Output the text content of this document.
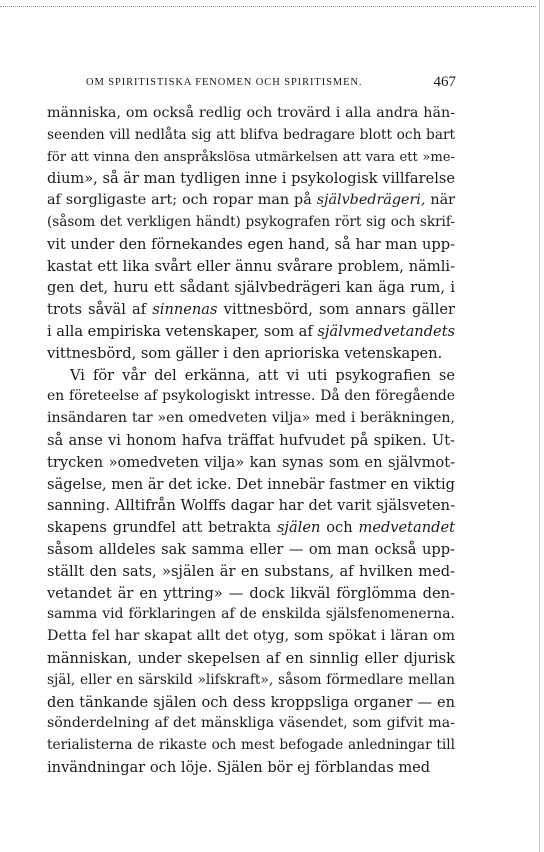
OM SPIRITISTISKA FENOMEN OCH SPIRITISMEN.	467
människa, om också redlig och trovärd i alla andra hän-
seenden vill nedlåta sig att blifva bedragare blott och bart
för att vinna den anspråkslösa utmärkelsen att vara ett »me-
dium», så är man tydligen inne i psykologisk villfarelse
af sorgligaste art; och ropar man på självbedrägeri, när
(såsom det verkligen händt) psykografen rört sig och skrif-
vit under den förnekandes egen hand, så har man upp-
kastat ett lika svårt eller ännu svårare problem, nämli-
gen det, huru ett sådant självbedrägeri kan äga rum, i
trots såväl af sinnenas vittnesbörd, som annars gäller
i alla empiriska vetenskaper, som af självmedvetandets
vittnesbörd, som gäller i den aprioriska vetenskapen.
Vi för vår del erkänna, att vi uti psykografien se
en företeelse af psykologiskt intresse. Då den föregående
insändaren tar »en omedveten vilja» med i beräkningen,
så anse vi honom hafva träffat hufvudet på spiken. Ut-
trycken »omedveten vilja» kan synas som en självmot-
sägelse, men är det icke. Det innebär fastmer en viktig
sanning. Alltifrån Wolffs dagar har det varit själsveten-
skapens grundfel att betrakta själen och medvetandet
såsom alldeles sak samma eller — om man också upp-
ställt den sats, »själen är en substans, af hvilken med-
vetandet är en yttring» — dock likväl förglömma den-
samma vid förklaringen af de enskilda själsfenomenerna.
Detta fel har skapat allt det otyg, som spökat i läran om
människan, under skepelsen af en sinnlig eller djurisk
själ, eller en särskild »lifskraft», såsom förmedlare mellan
den tänkande själen och dess kroppsliga organer — en
sönderdelning af det mänskliga väsendet, som gifvit ma-
terialisterna de rikaste och mest befogade anledningar till
invändningar och löje. Själen bör ej förblandas med
